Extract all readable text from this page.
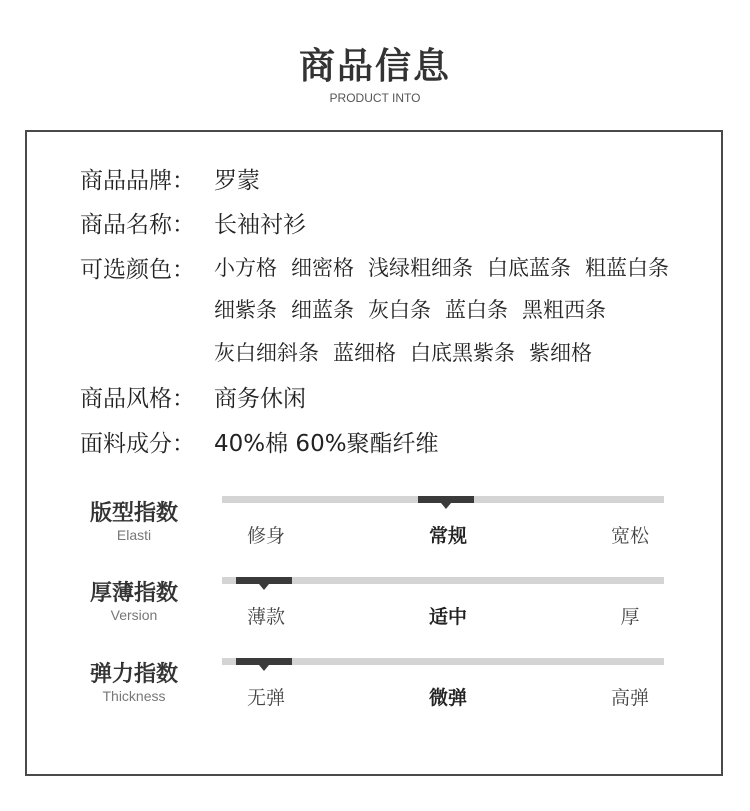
商品信息
PRODUCT INTO
商品品牌： 罗蒙
商品名称： 长袖衬衫
可选颜色： 小方格 细密格 浅绿粗细条 白底蓝条 粗蓝白条
细紫条 细蓝条 灰白条 蓝白条 黑粗西条
灰白细斜条 蓝细格 白底黑紫条 紫细格
商品风格： 商务休闲
面料成分： 40%棉 60%聚酯纤维
版型指数
Elasti	修身	常规	宽松
厚薄指数
Version	薄款	适中	厚
弹力指数
Thickness	无弹	微弹	高弹
